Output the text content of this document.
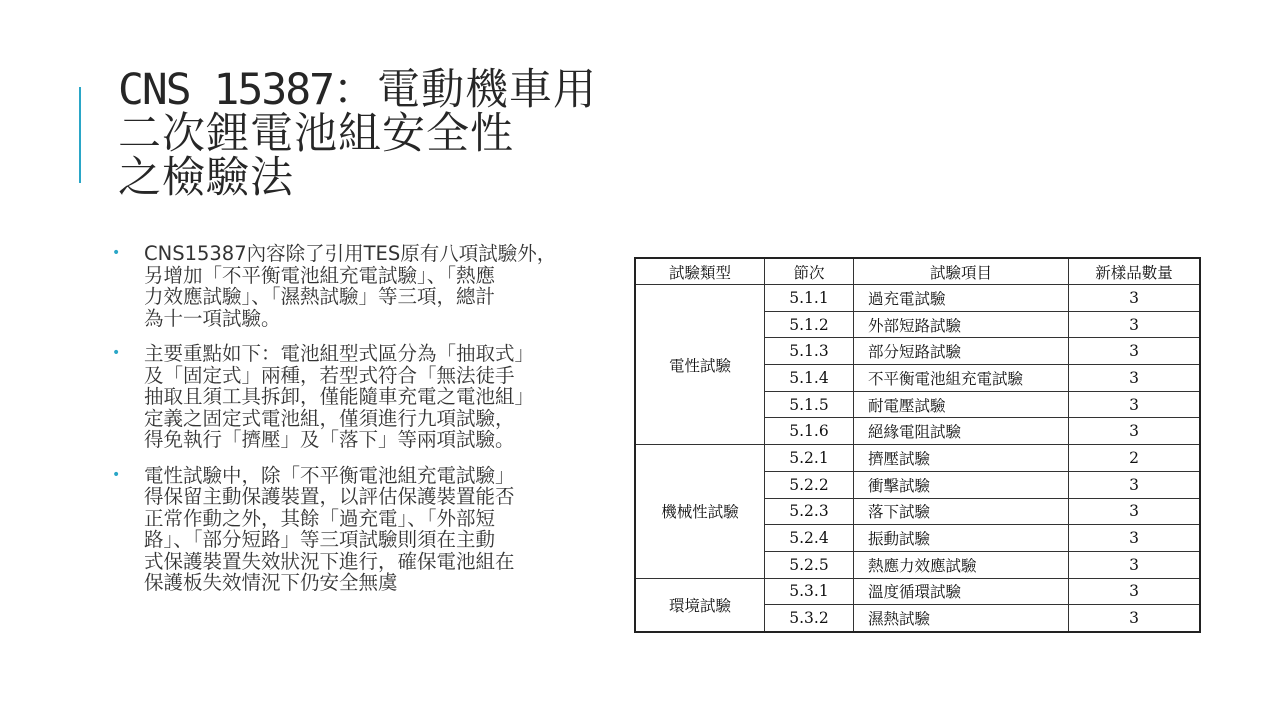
CNS 15387：電動機車用
二次鋰電池組安全性
之檢驗法
• CNS15387內容除了引用TES原有八項試驗外，
另增加「不平衡電池組充電試驗」、「熱應
力效應試驗」、「濕熱試驗」等三項，總計
為十一項試驗。
• 主要重點如下：電池組型式區分為「抽取式」
及「固定式」兩種，若型式符合「無法徒手
抽取且須工具拆卸，僅能隨車充電之電池組」
定義之固定式電池組，僅須進行九項試驗，
得免執行「擠壓」及「落下」等兩項試驗。
• 電性試驗中，除「不平衡電池組充電試驗」
得保留主動保護裝置，以評估保護裝置能否
正常作動之外，其餘「過充電」、「外部短
路」、「部分短路」等三項試驗則須在主動
式保護裝置失效狀況下進行，確保電池組在
保護板失效情況下仍安全無虞
試驗類型	節次	試驗項目	新樣品數量
電性試驗	5.1.1	過充電試驗	3
	5.1.2	外部短路試驗	3
	5.1.3	部分短路試驗	3
	5.1.4	不平衡電池組充電試驗	3
	5.1.5	耐電壓試驗	3
	5.1.6	絕緣電阻試驗	3
機械性試驗	5.2.1	擠壓試驗	2
	5.2.2	衝擊試驗	3
	5.2.3	落下試驗	3
	5.2.4	振動試驗	3
	5.2.5	熱應力效應試驗	3
環境試驗	5.3.1	溫度循環試驗	3
	5.3.2	濕熱試驗	3
